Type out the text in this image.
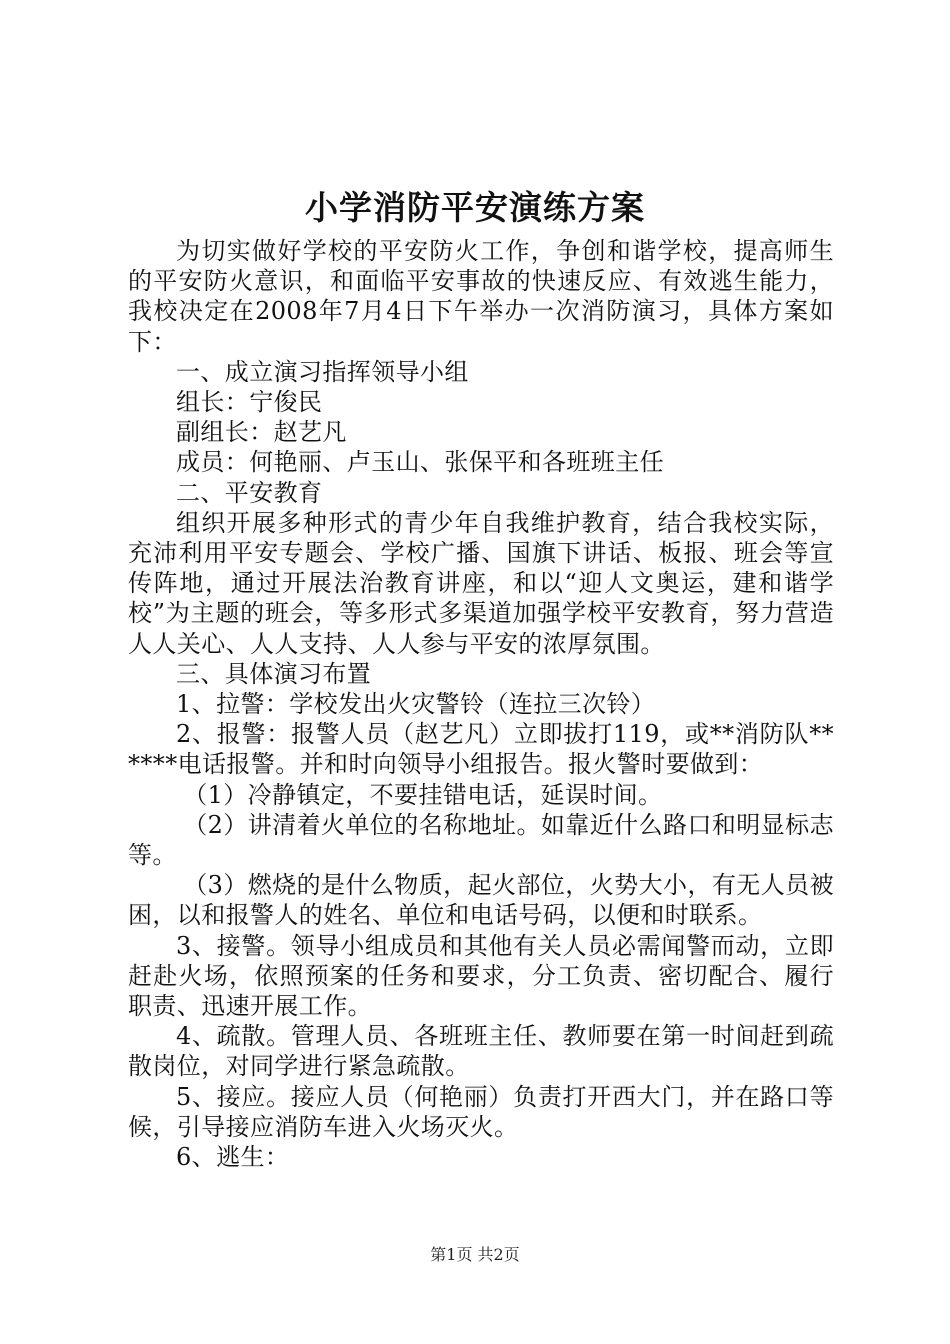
小学消防平安演练方案

为切实做好学校的平安防火工作，争创和谐学校，提高师生的平安防火意识，和面临平安事故的快速反应、有效逃生能力，我校决定在2008年7月4日下午举办一次消防演习，具体方案如下：

一、成立演习指挥领导小组

组长：宁俊民

副组长：赵艺凡

成员：何艳丽、卢玉山、张保平和各班班主任

二、平安教育

组织开展多种形式的青少年自我维护教育，结合我校实际，充沛利用平安专题会、学校广播、国旗下讲话、板报、班会等宣传阵地，通过开展法治教育讲座，和以“迎人文奥运，建和谐学校”为主题的班会，等多形式多渠道加强学校平安教育，努力营造人人关心、人人支持、人人参与平安的浓厚氛围。

三、具体演习布置

1、拉警：学校发出火灾警铃（连拉三次铃）

2、报警：报警人员（赵艺凡）立即拔打119，或**消防队******电话报警。并和时向领导小组报告。报火警时要做到：

（1）冷静镇定，不要挂错电话，延误时间。

（2）讲清着火单位的名称地址。如靠近什么路口和明显标志等。

（3）燃烧的是什么物质，起火部位，火势大小，有无人员被困，以和报警人的姓名、单位和电话号码，以便和时联系。

3、接警。领导小组成员和其他有关人员必需闻警而动，立即赶赴火场，依照预案的任务和要求，分工负责、密切配合、履行职责、迅速开展工作。

4、疏散。管理人员、各班班主任、教师要在第一时间赶到疏散岗位，对同学进行紧急疏散。

5、接应。接应人员（何艳丽）负责打开西大门，并在路口等候，引导接应消防车进入火场灭火。

6、逃生：

第1页 共2页
